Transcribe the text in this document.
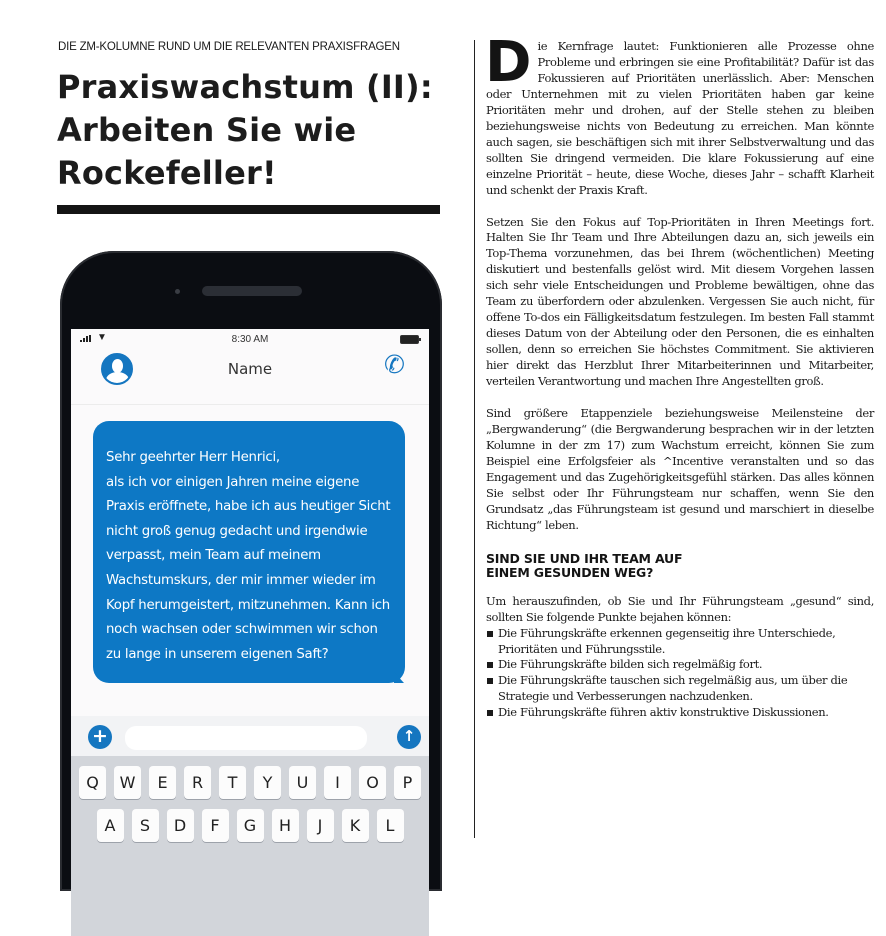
DIE ZM-KOLUMNE RUND UM DIE RELEVANTEN PRAXISFRAGEN
Praxiswachstum (II):
Arbeiten Sie wie
Rockefeller!
▼	8:30 AM
Name	✆

Sehr geehrter Herr Henrici,

als ich vor einigen Jahren meine eigene Praxis eröffnete, habe ich aus heutiger Sicht nicht groß genug gedacht und irgendwie verpasst, mein Team auf meinem Wachstumskurs, der mir immer wieder im Kopf herumgeistert, mitzunehmen. Kann ich noch wachsen oder schwimmen wir schon zu lange in unserem eigenen Saft?

+	↑
Q	W	E	R	T	Y	U	I	O	P
A	S	D	F	G	H	J	K	L

Die Kernfrage lautet: Funktionieren alle Prozesse ohne Probleme und erbringen sie eine Profitabilität? Dafür ist das Fokussieren auf Prioritäten unerlässlich. Aber: Menschen oder Unternehmen mit zu vielen Prioritäten haben gar keine Prioritäten mehr und drohen, auf der Stelle stehen zu bleiben beziehungsweise nichts von Bedeutung zu erreichen. Man könnte auch sagen, sie beschäftigen sich mit ihrer Selbstverwaltung und das sollten Sie dringend vermeiden. Die klare Fokussierung auf eine einzelne Priorität – heute, diese Woche, dieses Jahr – schafft Klarheit und schenkt der Praxis Kraft.

Setzen Sie den Fokus auf Top-Prioritäten in Ihren Meetings fort. Halten Sie Ihr Team und Ihre Abteilungen dazu an, sich jeweils ein Top-Thema vorzunehmen, das bei Ihrem (wöchentlichen) Meeting diskutiert und bestenfalls gelöst wird. Mit diesem Vorgehen lassen sich sehr viele Entscheidungen und Probleme bewältigen, ohne das Team zu überfordern oder abzulenken. Vergessen Sie auch nicht, für offene To-dos ein Fälligkeitsdatum festzulegen. Im besten Fall stammt dieses Datum von der Abteilung oder den Personen, die es einhalten sollen, denn so erreichen Sie höchstes Commitment. Sie aktivieren hier direkt das Herzblut Ihrer Mitarbeiterinnen und Mitarbeiter, verteilen Verantwortung und machen Ihre Angestellten groß.

Sind größere Etappenziele beziehungsweise Meilensteine der „Bergwanderung“ (die Bergwanderung besprachen wir in der letzten Kolumne in der zm 17) zum Wachstum erreicht, können Sie zum Beispiel eine Erfolgsfeier als ^Incentive veranstalten und so das Engagement und das Zugehörigkeitsgefühl stärken. Das alles können Sie selbst oder Ihr Führungsteam nur schaffen, wenn Sie den Grundsatz „das Führungsteam ist gesund und marschiert in dieselbe Richtung“ leben.

SIND SIE UND IHR TEAM AUF
EINEM GESUNDEN WEG?

Um herauszufinden, ob Sie und Ihr Führungsteam „gesund“ sind, sollten Sie folgende Punkte bejahen können:

Die Führungskräfte erkennen gegenseitig ihre Unterschiede, Prioritäten und Führungsstile.
Die Führungskräfte bilden sich regelmäßig fort.
Die Führungskräfte tauschen sich regelmäßig aus, um über die Strategie und Verbesserungen nachzudenken.
Die Führungskräfte führen aktiv konstruktive Diskussionen.
